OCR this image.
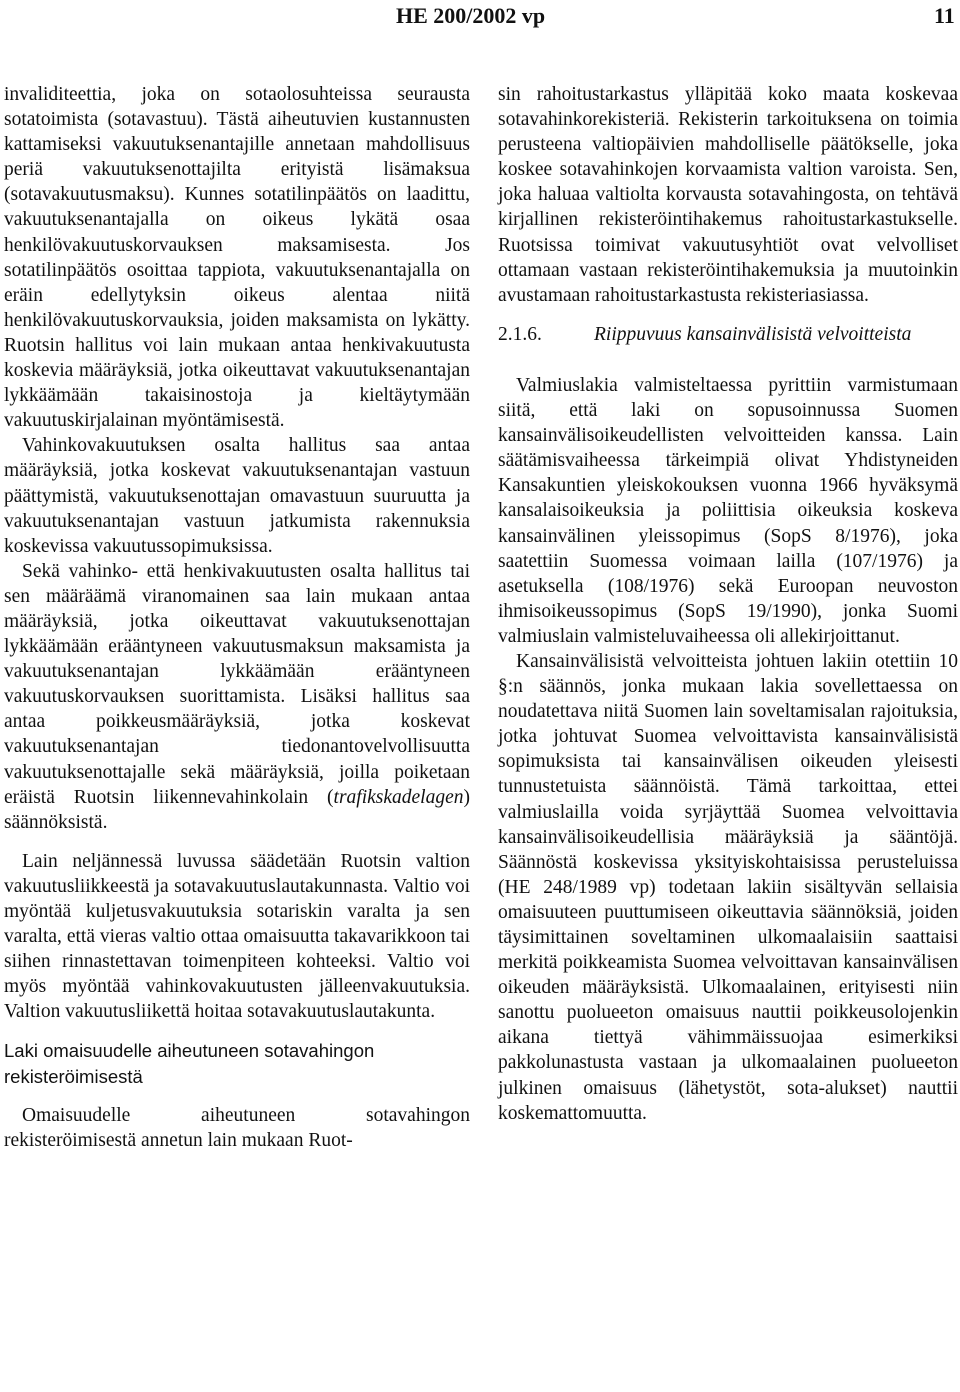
HE 200/2002 vp	11

invaliditeettia, joka on sotaolosuhteissa seurausta sotatoimista (sotavastuu). Tästä aiheutuvien kustannusten kattamiseksi vakuutuksenantajille annetaan mahdollisuus periä vakuutuksenottajilta erityistä lisämaksua (sotavakuutusmaksu). Kunnes sotatilinpäätös on laadittu, vakuutuksenantajalla on oikeus lykätä osaa henkilövakuutuskorvauksen maksamisesta. Jos sotatilinpäätös osoittaa tappiota, vakuutuksenantajalla on eräin edellytyksin oikeus alentaa niitä henkilövakuutuskorvauksia, joiden maksamista on lykätty. Ruotsin hallitus voi lain mukaan antaa henkivakuutusta koskevia määräyksiä, jotka oikeuttavat vakuutuksenantajan lykkäämään takaisinostoja ja kieltäytymään vakuutuskirjalainan myöntämisestä.

Vahinkovakuutuksen osalta hallitus saa antaa määräyksiä, jotka koskevat vakuutuksenantajan vastuun päättymistä, vakuutuksenottajan omavastuun suuruutta ja vakuutuksenantajan vastuun jatkumista rakennuksia koskevissa vakuutussopimuksissa.

Sekä vahinko- että henkivakuutusten osalta hallitus tai sen määräämä viranomainen saa lain mukaan antaa määräyksiä, jotka oikeuttavat vakuutuksenottajan lykkäämään erääntyneen vakuutusmaksun maksamista ja vakuutuksenantajan lykkäämään erääntyneen vakuutuskorvauksen suorittamista. Lisäksi hallitus saa antaa poikkeusmääräyksiä, jotka koskevat vakuutuksenantajan tiedonantovelvollisuutta vakuutuksenottajalle sekä määräyksiä, joilla poiketaan eräistä Ruotsin liikennevahinkolain (trafikskadelagen) säännöksistä.

Lain neljännessä luvussa säädetään Ruotsin valtion vakuutusliikkeestä ja sotavakuutuslautakunnasta. Valtio voi myöntää kuljetusvakuutuksia sotariskin varalta ja sen varalta, että vieras valtio ottaa omaisuutta takavarikkoon tai siihen rinnastettavan toimenpiteen kohteeksi. Valtio voi myös myöntää vahinkovakuutusten jälleenvakuutuksia. Valtion vakuutusliikettä hoitaa sotavakuutuslautakunta.

Laki omaisuudelle aiheutuneen sotavahingon rekisteröimisestä

Omaisuudelle aiheutuneen sotavahingon rekisteröimisestä annetun lain mukaan Ruot-

sin rahoitustarkastus ylläpitää koko maata koskevaa sotavahinkorekisteriä. Rekisterin tarkoituksena on toimia perusteena valtiopäivien mahdolliselle päätökselle, joka koskee sotavahinkojen korvaamista valtion varoista. Sen, joka haluaa valtiolta korvausta sotavahingosta, on tehtävä kirjallinen rekisteröintihakemus rahoitustarkastukselle. Ruotsissa toimivat vakuutusyhtiöt ovat velvolliset ottamaan vastaan rekisteröintihakemuksia ja muutoinkin avustamaan rahoitustarkastusta rekisteriasiassa.

2.1.6.	Riippuvuus kansainvälisistä velvoitteista

Valmiuslakia valmisteltaessa pyrittiin varmistumaan siitä, että laki on sopusoinnussa Suomen kansainvälisoikeudellisten velvoitteiden kanssa. Lain säätämisvaiheessa tärkeimpiä olivat Yhdistyneiden Kansakuntien yleiskokouksen vuonna 1966 hyväksymä kansalaisoikeuksia ja poliittisia oikeuksia koskeva kansainvälinen yleissopimus (SopS 8/1976), joka saatettiin Suomessa voimaan lailla (107/1976) ja asetuksella (108/1976) sekä Euroopan neuvoston ihmisoikeussopimus (SopS 19/1990), jonka Suomi valmiuslain valmisteluvaiheessa oli allekirjoittanut.

Kansainvälisistä velvoitteista johtuen lakiin otettiin 10 §:n säännös, jonka mukaan lakia sovellettaessa on noudatettava niitä Suomen lain soveltamisalan rajoituksia, jotka johtuvat Suomea velvoittavista kansainvälisistä sopimuksista tai kansainvälisen oikeuden yleisesti tunnustetuista säännöistä. Tämä tarkoittaa, ettei valmiuslailla voida syrjäyttää Suomea velvoittavia kansainvälisoikeudellisia määräyksiä ja sääntöjä. Säännöstä koskevissa yksityiskohtaisissa perusteluissa (HE 248/1989 vp) todetaan lakiin sisältyvän sellaisia omaisuuteen puuttumiseen oikeuttavia säännöksiä, joiden täysimittainen soveltaminen ulkomaalaisiin saattaisi merkitä poikkeamista Suomea velvoittavan kansainvälisen oikeuden määräyksistä. Ulkomaalainen, erityisesti niin sanottu puolueeton omaisuus nauttii poikkeusolojenkin aikana tiettyä vähimmäissuojaa esimerkiksi pakkolunastusta vastaan ja ulkomaalainen puolueeton julkinen omaisuus (lähetystöt, sota-alukset) nauttii koskemattomuutta.
